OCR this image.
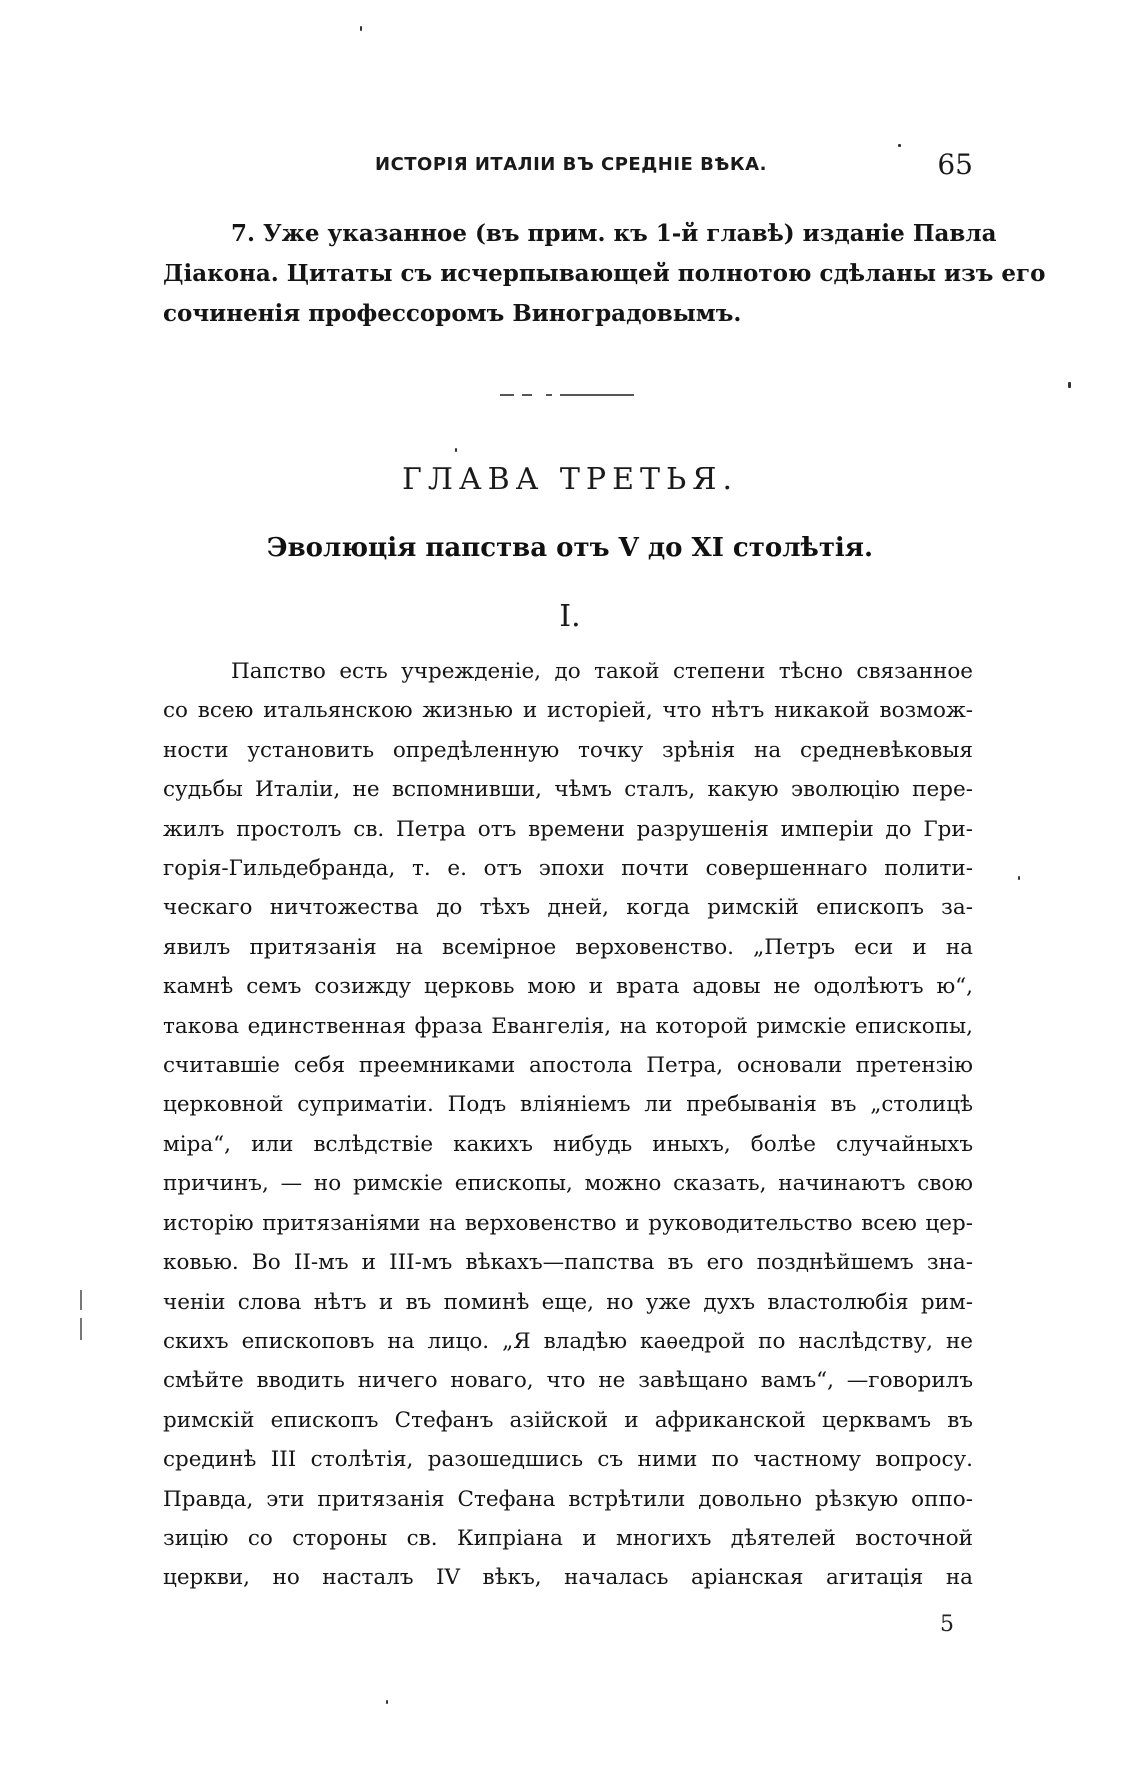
ИСТОРІЯ ИТАЛІИ ВЪ СРЕДНІЕ ВѢКА.	65
7. Уже указанное (въ прим. къ 1-й главѣ) изданіе Павла
Діакона. Цитаты съ исчерпывающей полнотою сдѣланы изъ его
сочиненія профессоромъ Виноградовымъ.
ГЛАВА ТРЕТЬЯ.
Эволюція папства отъ V до XI столѣтія.
I.
Папство есть учрежденіе, до такой степени тѣсно связанное
со всею итальянскою жизнью и исторіей, что нѣтъ никакой возмож-
ности установить опредѣленную точку зрѣнія на средневѣковыя
судьбы Италіи, не вспомнивши, чѣмъ сталъ, какую эволюцію пере-
жилъ простолъ св. Петра отъ времени разрушенія имперіи до Гри-
горія-Гильдебранда, т. е. отъ эпохи почти совершеннаго полити-
ческаго ничтожества до тѣхъ дней, когда римскій епископъ за-
явилъ притязанія на всемірное верховенство. „Петръ еси и на
камнѣ семъ созижду церковь мою и врата адовы не одолѣютъ ю“,
такова единственная фраза Евангелія, на которой римскіе епископы,
считавшіе себя преемниками апостола Петра, основали претензію
церковной суприматіи. Подъ вліяніемъ ли пребыванія въ „столицѣ
міра“, или вслѣдствіе какихъ нибудь иныхъ, болѣе случайныхъ
причинъ, — но римскіе епископы, можно сказать, начинаютъ свою
исторію притязаніями на верховенство и руководительство всею цер-
ковью. Во II-мъ и III-мъ вѣкахъ—папства въ его позднѣйшемъ зна-
ченіи слова нѣтъ и въ поминѣ еще, но уже духъ властолюбія рим-
скихъ епископовъ на лицо. „Я владѣю каѳедрой по наслѣдству, не
смѣйте вводить ничего новаго, что не завѣщано вамъ“, —говорилъ
римскій епископъ Стефанъ азійской и африканской церквамъ въ
срединѣ III столѣтія, разошедшись съ ними по частному вопросу.
Правда, эти притязанія Стефана встрѣтили довольно рѣзкую оппо-
зицію со стороны св. Кипріана и многихъ дѣятелей восточной
церкви, но насталъ IV вѣкъ, началась аріанская агитація на
5
